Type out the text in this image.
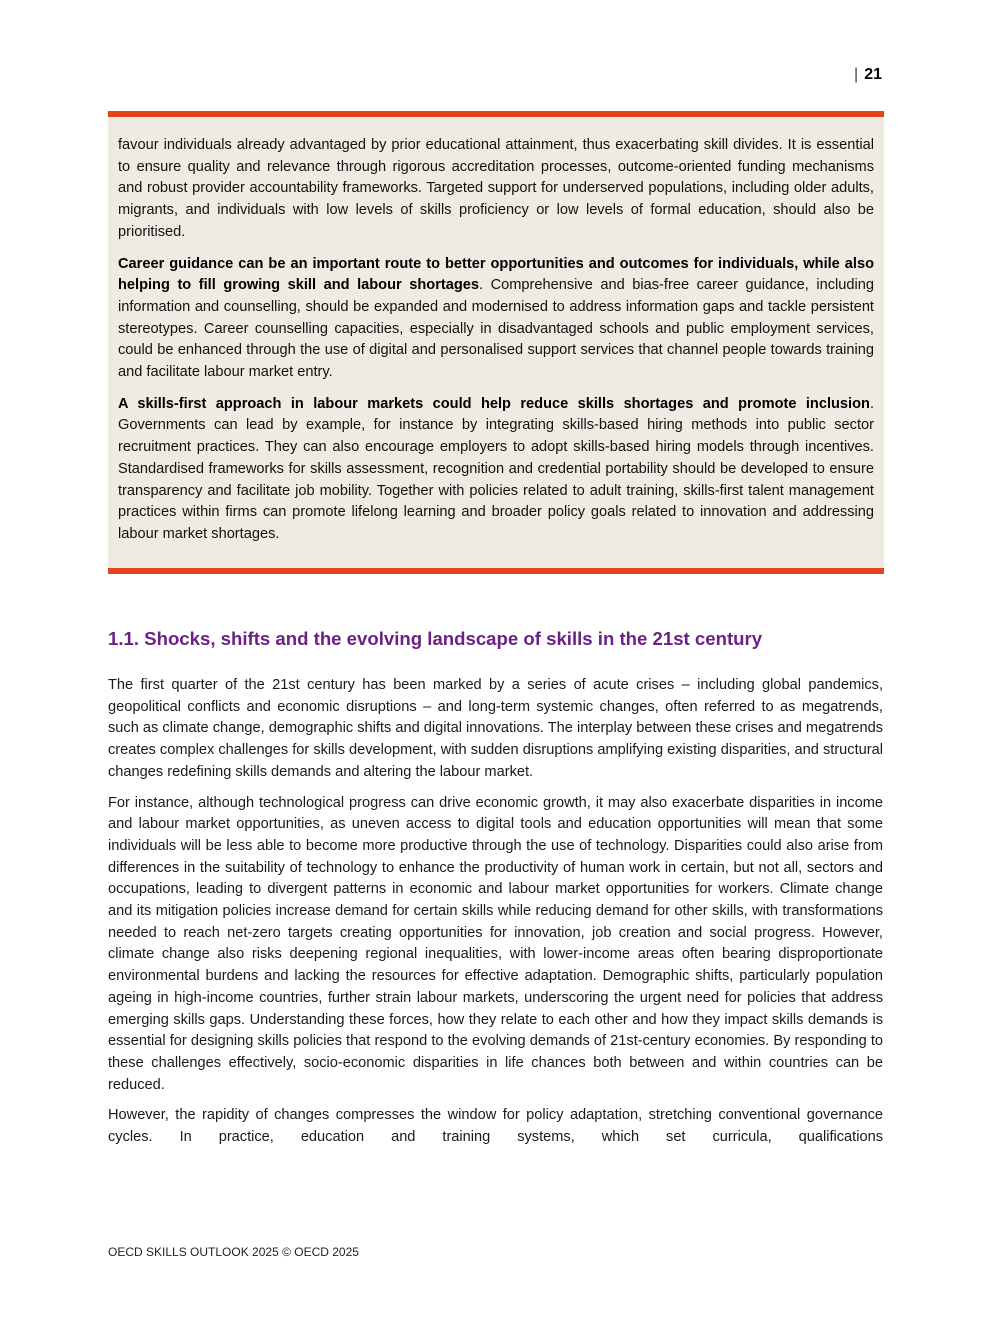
| 21

favour individuals already advantaged by prior educational attainment, thus exacerbating skill divides. It is essential to ensure quality and relevance through rigorous accreditation processes, outcome-oriented funding mechanisms and robust provider accountability frameworks. Targeted support for underserved populations, including older adults, migrants, and individuals with low levels of skills proficiency or low levels of formal education, should also be prioritised.

Career guidance can be an important route to better opportunities and outcomes for individuals, while also helping to fill growing skill and labour shortages. Comprehensive and bias-free career guidance, including information and counselling, should be expanded and modernised to address information gaps and tackle persistent stereotypes. Career counselling capacities, especially in disadvantaged schools and public employment services, could be enhanced through the use of digital and personalised support services that channel people towards training and facilitate labour market entry.

A skills-first approach in labour markets could help reduce skills shortages and promote inclusion. Governments can lead by example, for instance by integrating skills-based hiring methods into public sector recruitment practices. They can also encourage employers to adopt skills-based hiring models through incentives. Standardised frameworks for skills assessment, recognition and credential portability should be developed to ensure transparency and facilitate job mobility. Together with policies related to adult training, skills-first talent management practices within firms can promote lifelong learning and broader policy goals related to innovation and addressing labour market shortages.

1.1. Shocks, shifts and the evolving landscape of skills in the 21st century

The first quarter of the 21st century has been marked by a series of acute crises – including global pandemics, geopolitical conflicts and economic disruptions – and long-term systemic changes, often referred to as megatrends, such as climate change, demographic shifts and digital innovations. The interplay between these crises and megatrends creates complex challenges for skills development, with sudden disruptions amplifying existing disparities, and structural changes redefining skills demands and altering the labour market.

For instance, although technological progress can drive economic growth, it may also exacerbate disparities in income and labour market opportunities, as uneven access to digital tools and education opportunities will mean that some individuals will be less able to become more productive through the use of technology. Disparities could also arise from differences in the suitability of technology to enhance the productivity of human work in certain, but not all, sectors and occupations, leading to divergent patterns in economic and labour market opportunities for workers. Climate change and its mitigation policies increase demand for certain skills while reducing demand for other skills, with transformations needed to reach net-zero targets creating opportunities for innovation, job creation and social progress. However, climate change also risks deepening regional inequalities, with lower-income areas often bearing disproportionate environmental burdens and lacking the resources for effective adaptation. Demographic shifts, particularly population ageing in high-income countries, further strain labour markets, underscoring the urgent need for policies that address emerging skills gaps. Understanding these forces, how they relate to each other and how they impact skills demands is essential for designing skills policies that respond to the evolving demands of 21st-century economies. By responding to these challenges effectively, socio-economic disparities in life chances both between and within countries can be reduced.

However, the rapidity of changes compresses the window for policy adaptation, stretching conventional governance cycles. In practice, education and training systems, which set curricula, qualifications

OECD SKILLS OUTLOOK 2025 © OECD 2025
